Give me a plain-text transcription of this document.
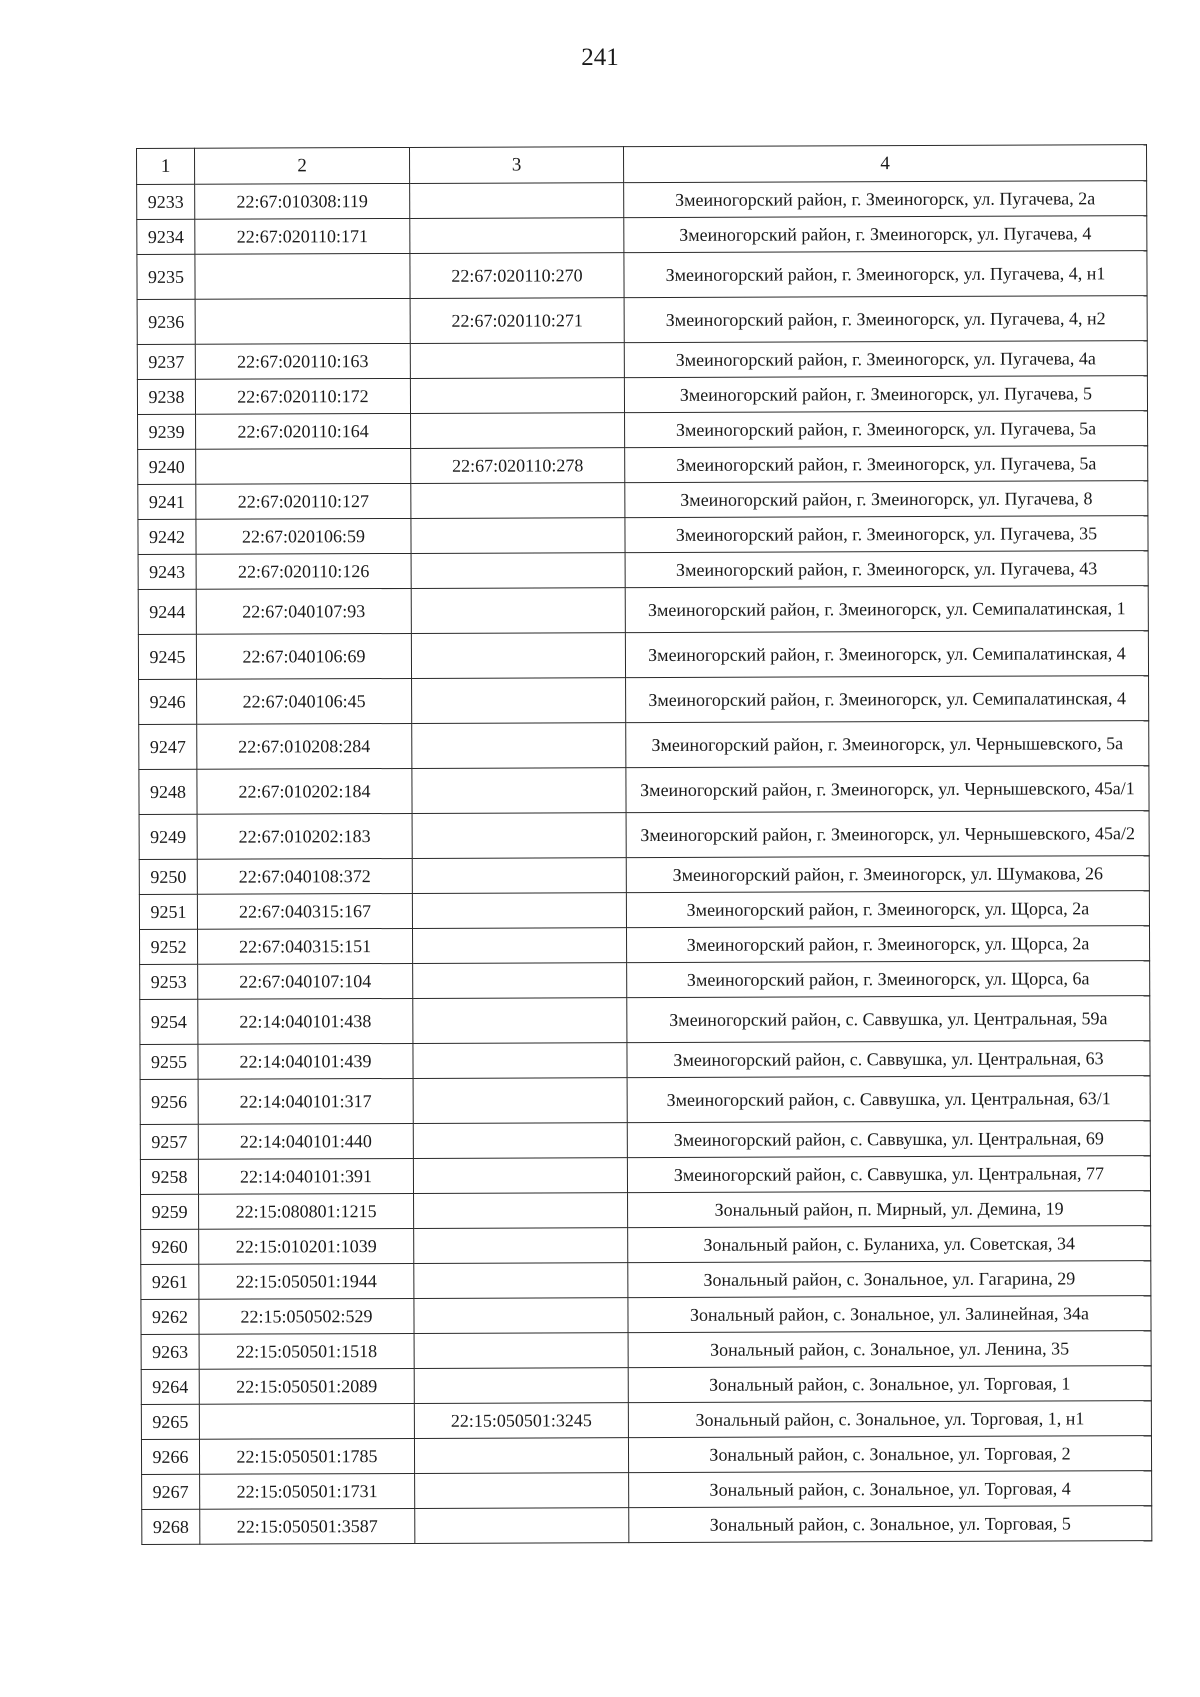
241
1	2	3	4
9233	22:67:010308:119		Змеиногорский район, г. Змеиногорск, ул. Пугачева, 2а
9234	22:67:020110:171		Змеиногорский район, г. Змеиногорск, ул. Пугачева, 4
9235		22:67:020110:270	Змеиногорский район, г. Змеиногорск, ул. Пугачева, 4, н1
9236		22:67:020110:271	Змеиногорский район, г. Змеиногорск, ул. Пугачева, 4, н2
9237	22:67:020110:163		Змеиногорский район, г. Змеиногорск, ул. Пугачева, 4а
9238	22:67:020110:172		Змеиногорский район, г. Змеиногорск, ул. Пугачева, 5
9239	22:67:020110:164		Змеиногорский район, г. Змеиногорск, ул. Пугачева, 5а
9240		22:67:020110:278	Змеиногорский район, г. Змеиногорск, ул. Пугачева, 5а
9241	22:67:020110:127		Змеиногорский район, г. Змеиногорск, ул. Пугачева, 8
9242	22:67:020106:59		Змеиногорский район, г. Змеиногорск, ул. Пугачева, 35
9243	22:67:020110:126		Змеиногорский район, г. Змеиногорск, ул. Пугачева, 43
9244	22:67:040107:93		Змеиногорский район, г. Змеиногорск, ул. Семипалатинская, 1
9245	22:67:040106:69		Змеиногорский район, г. Змеиногорск, ул. Семипалатинская, 4
9246	22:67:040106:45		Змеиногорский район, г. Змеиногорск, ул. Семипалатинская, 4
9247	22:67:010208:284		Змеиногорский район, г. Змеиногорск, ул. Чернышевского, 5а
9248	22:67:010202:184		Змеиногорский район, г. Змеиногорск, ул. Чернышевского, 45а/1
9249	22:67:010202:183		Змеиногорский район, г. Змеиногорск, ул. Чернышевского, 45а/2
9250	22:67:040108:372		Змеиногорский район, г. Змеиногорск, ул. Шумакова, 26
9251	22:67:040315:167		Змеиногорский район, г. Змеиногорск, ул. Щорса, 2а
9252	22:67:040315:151		Змеиногорский район, г. Змеиногорск, ул. Щорса, 2а
9253	22:67:040107:104		Змеиногорский район, г. Змеиногорск, ул. Щорса, 6а
9254	22:14:040101:438		Змеиногорский район, с. Саввушка, ул. Центральная, 59а
9255	22:14:040101:439		Змеиногорский район, с. Саввушка, ул. Центральная, 63
9256	22:14:040101:317		Змеиногорский район, с. Саввушка, ул. Центральная, 63/1
9257	22:14:040101:440		Змеиногорский район, с. Саввушка, ул. Центральная, 69
9258	22:14:040101:391		Змеиногорский район, с. Саввушка, ул. Центральная, 77
9259	22:15:080801:1215		Зональный район, п. Мирный, ул. Демина, 19
9260	22:15:010201:1039		Зональный район, с. Буланиха, ул. Советская, 34
9261	22:15:050501:1944		Зональный район, с. Зональное, ул. Гагарина, 29
9262	22:15:050502:529		Зональный район, с. Зональное, ул. Залинейная, 34а
9263	22:15:050501:1518		Зональный район, с. Зональное, ул. Ленина, 35
9264	22:15:050501:2089		Зональный район, с. Зональное, ул. Торговая, 1
9265		22:15:050501:3245	Зональный район, с. Зональное, ул. Торговая, 1, н1
9266	22:15:050501:1785		Зональный район, с. Зональное, ул. Торговая, 2
9267	22:15:050501:1731		Зональный район, с. Зональное, ул. Торговая, 4
9268	22:15:050501:3587		Зональный район, с. Зональное, ул. Торговая, 5
